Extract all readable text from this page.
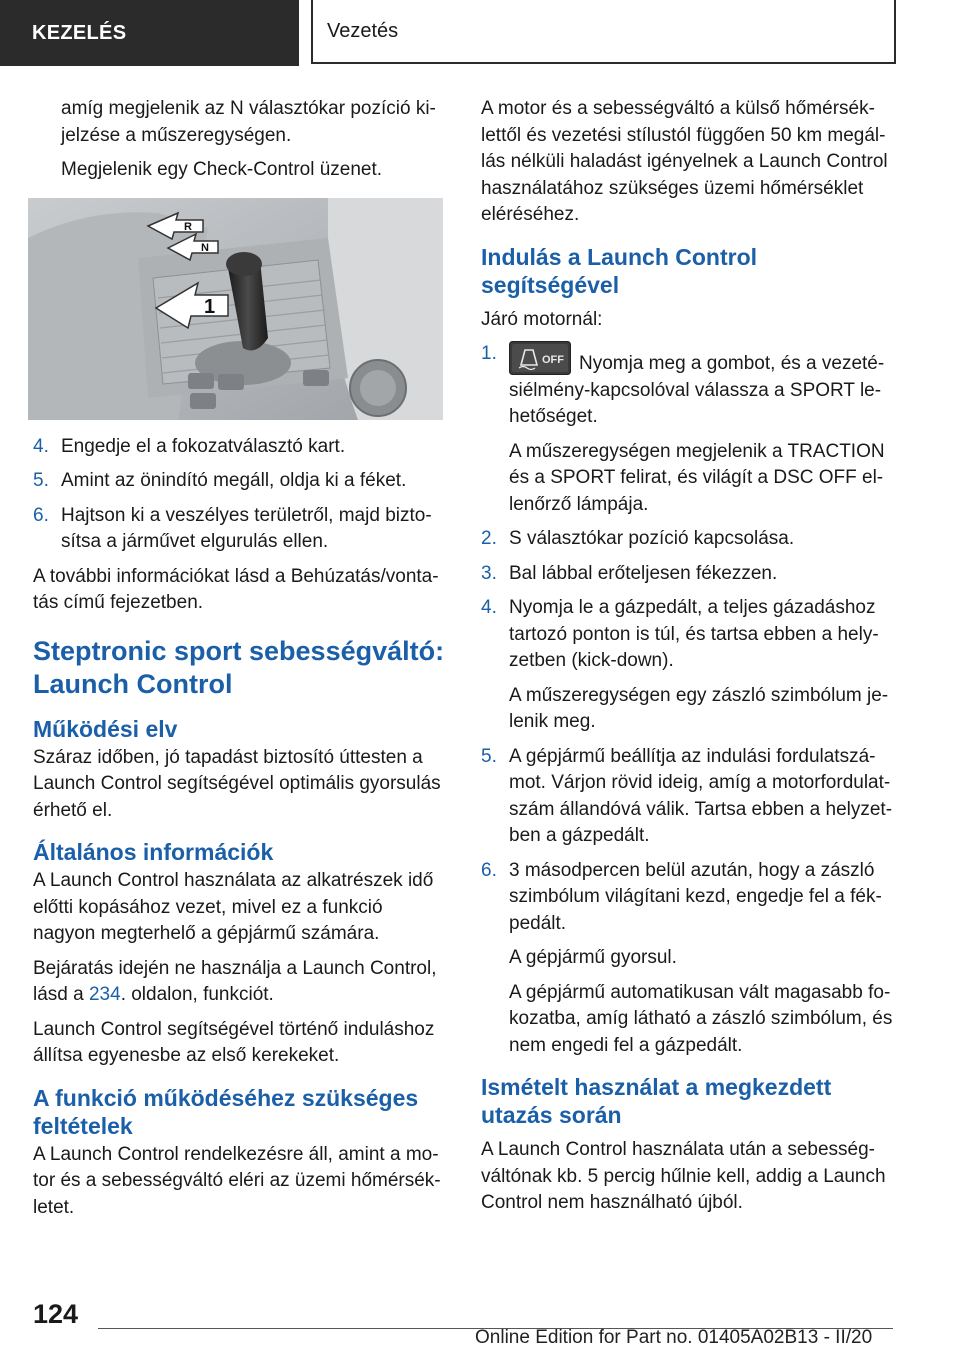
KEZELÉS	Vezetés

amíg megjelenik az N választókar pozíció ki-jelzése a műszeregységen.

Megjelenik egy Check-Control üzenet.

R
N
1
4. Engedje el a fokozatválasztó kart.
5. Amint az önindító megáll, oldja ki a féket.
6. Hajtson ki a veszélyes területről, majd bizto-sítsa a járművet elgurulás ellen.

A további információkat lásd a Behúzatás/vonta-tás című fejezetben.

Steptronic sport sebességváltó: Launch Control
Működési elv

Száraz időben, jó tapadást biztosító úttesten a Launch Control segítségével optimális gyorsulás érhető el.

Általános információk

A Launch Control használata az alkatrészek idő előtti kopásához vezet, mivel ez a funkció nagyon megterhelő a gépjármű számára.

Bejáratás idején ne használja a Launch Control, lásd a 234. oldalon, funkciót.

Launch Control segítségével történő induláshoz állítsa egyenesbe az első kerekeket.

A funkció működéséhez szükséges feltételek

A Launch Control rendelkezésre áll, amint a mo-tor és a sebességváltó eléri az üzemi hőmérsék-letet.

A motor és a sebességváltó a külső hőmérsék-lettől és vezetési stílustól függően 50 km megál-lás nélküli haladást igényelnek a Launch Control használatához szükséges üzemi hőmérséklet eléréséhez.

Indulás a Launch Control segítségével

Járó motornál:

1.	OFF Nyomja meg a gombot, és a vezeté-siélmény-kapcsolóval válassza a SPORT le-hetőséget.

A műszeregységen megjelenik a TRACTION és a SPORT felirat, és világít a DSC OFF el-lenőrző lámpája.

2. S választókar pozíció kapcsolása.
3. Bal lábbal erőteljesen fékezzen.
4. Nyomja le a gázpedált, a teljes gázadáshoz tartozó ponton is túl, és tartsa ebben a hely-zetben (kick-down).

A műszeregységen egy zászló szimbólum je-lenik meg.

5. A gépjármű beállítja az indulási fordulatszá-mot. Várjon rövid ideig, amíg a motorfordulat-szám állandóvá válik. Tartsa ebben a helyzet-ben a gázpedált.
6. 3 másodpercen belül azután, hogy a zászló szimbólum világítani kezd, engedje fel a fék-pedált.

A gépjármű gyorsul.

A gépjármű automatikusan vált magasabb fo-kozatba, amíg látható a zászló szimbólum, és nem engedi fel a gázpedált.

Ismételt használat a megkezdett utazás során

A Launch Control használata után a sebesség-váltónak kb. 5 percig hűlnie kell, addig a Launch Control nem használható újból.

124
Online Edition for Part no. 01405A02B13 - II/20
